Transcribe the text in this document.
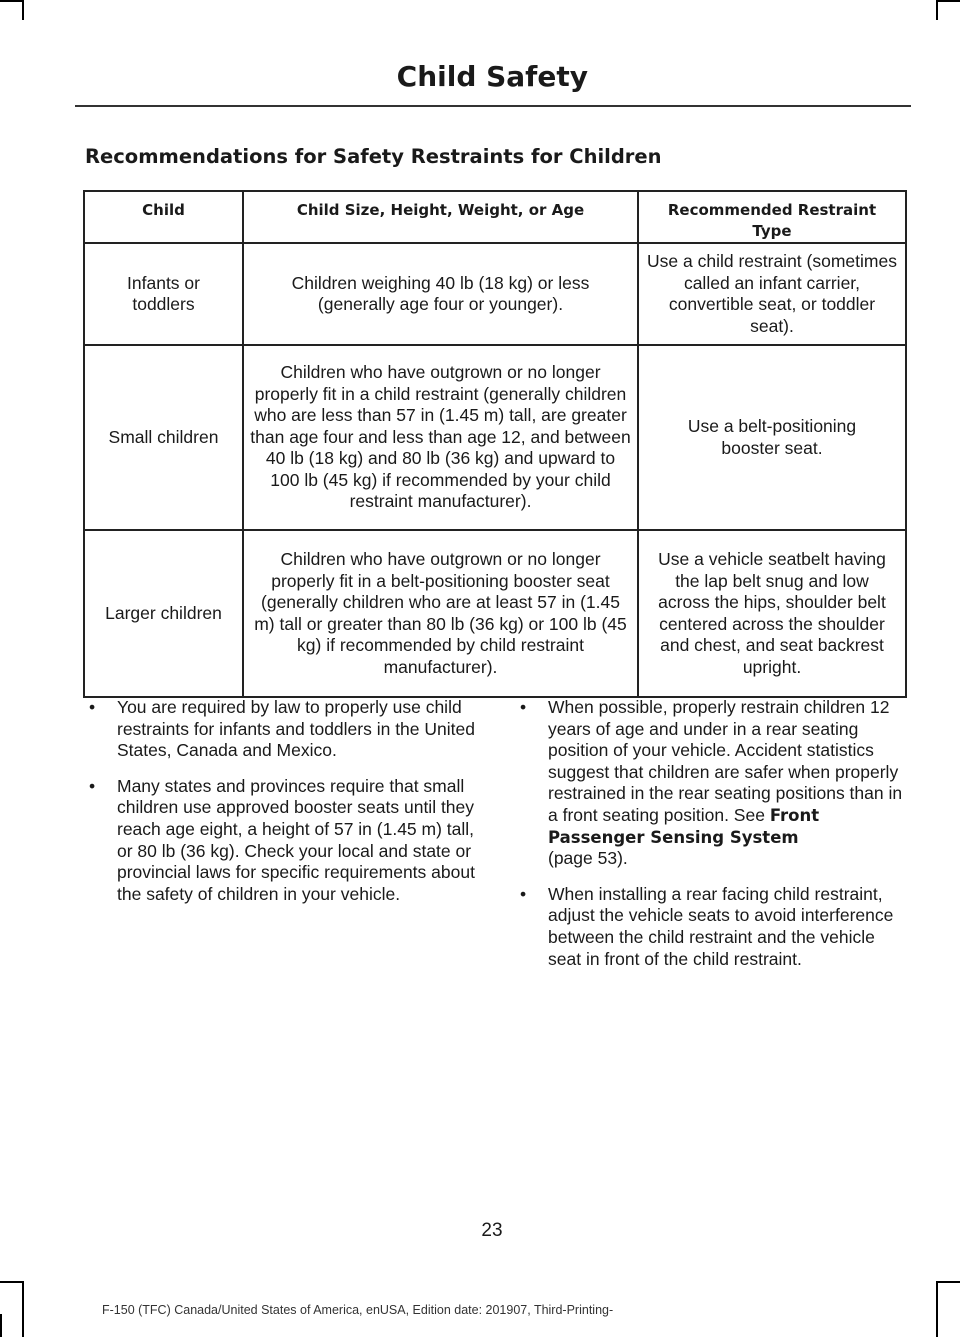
Child Safety
Recommendations for Safety Restraints for Children
Child	Child Size, Height, Weight, or Age	Recommended Restraint Type
Infants or toddlers	Children weighing 40 lb (18 kg) or less (generally age four or younger).	Use a child restraint (sometimes called an infant carrier, convertible seat, or toddler seat).
Small children	Children who have outgrown or no longer properly fit in a child restraint (generally children who are less than 57 in (1.45 m) tall, are greater than age four and less than age 12, and between 40 lb (18 kg) and 80 lb (36 kg) and upward to 100 lb (45 kg) if recommended by your child restraint manufacturer).	Use a belt-positioning booster seat.
Larger children	Children who have outgrown or no longer properly fit in a belt-positioning booster seat (generally children who are at least 57 in (1.45 m) tall or greater than 80 lb (36 kg) or 100 lb (45 kg) if recommended by child restraint manufacturer).	Use a vehicle seatbelt having the lap belt snug and low across the hips, shoulder belt centered across the shoulder and chest, and seat backrest upright.
• You are required by law to properly use child restraints for infants and toddlers in the United States, Canada and Mexico.
• Many states and provinces require that small children use approved booster seats until they reach age eight, a height of 57 in (1.45 m) tall, or 80 lb (36 kg). Check your local and state or provincial laws for specific requirements about the safety of children in your vehicle.
• When possible, properly restrain children 12 years of age and under in a rear seating position of your vehicle. Accident statistics suggest that children are safer when properly restrained in the rear seating positions than in a front seating position. See Front Passenger Sensing System
(page 53).
• When installing a rear facing child restraint, adjust the vehicle seats to avoid interference between the child restraint and the vehicle seat in front of the child restraint.
23
F-150 (TFC) Canada/United States of America, enUSA, Edition date: 201907, Third-Printing-
